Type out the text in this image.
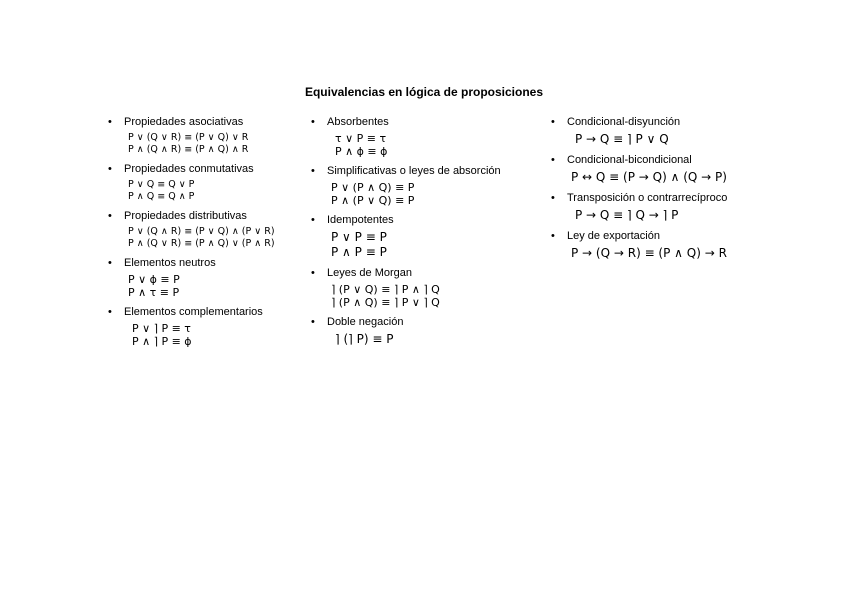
Equivalencias en lógica de proposiciones
• Propiedades asociativas
P ∨ (Q ∨ R) ≡ (P ∨ Q) ∨ R
P ∧ (Q ∧ R) ≡ (P ∧ Q) ∧ R
• Propiedades conmutativas
P ∨ Q ≡ Q ∨ P
P ∧ Q ≡ Q ∧ P
• Propiedades distributivas
P ∨ (Q ∧ R) ≡ (P ∨ Q) ∧ (P ∨ R)
P ∧ (Q ∨ R) ≡ (P ∧ Q) ∨ (P ∧ R)
• Elementos neutros
P ∨ ϕ ≡ P
P ∧ τ ≡ P
• Elementos complementarios
P ∨ ⌉ P ≡ τ
P ∧ ⌉ P ≡ ϕ
• Absorbentes
τ ∨ P ≡ τ
P ∧ ϕ ≡ ϕ
• Simplificativas o leyes de absorción
P ∨ (P ∧ Q) ≡ P
P ∧ (P ∨ Q) ≡ P
• Idempotentes
P ∨ P ≡ P
P ∧ P ≡ P
• Leyes de Morgan
⌉ (P ∨ Q) ≡ ⌉ P ∧ ⌉ Q
⌉ (P ∧ Q) ≡ ⌉ P ∨ ⌉ Q
• Doble negación
⌉ (⌉ P) ≡ P
• Condicional-disyunción
P → Q ≡ ⌉ P ∨ Q
• Condicional-bicondicional
P ↔ Q ≡ (P → Q) ∧ (Q → P)
• Transposición o contrarrecíproco
P → Q ≡ ⌉ Q → ⌉ P
• Ley de exportación
P → (Q → R) ≡ (P ∧ Q) → R
